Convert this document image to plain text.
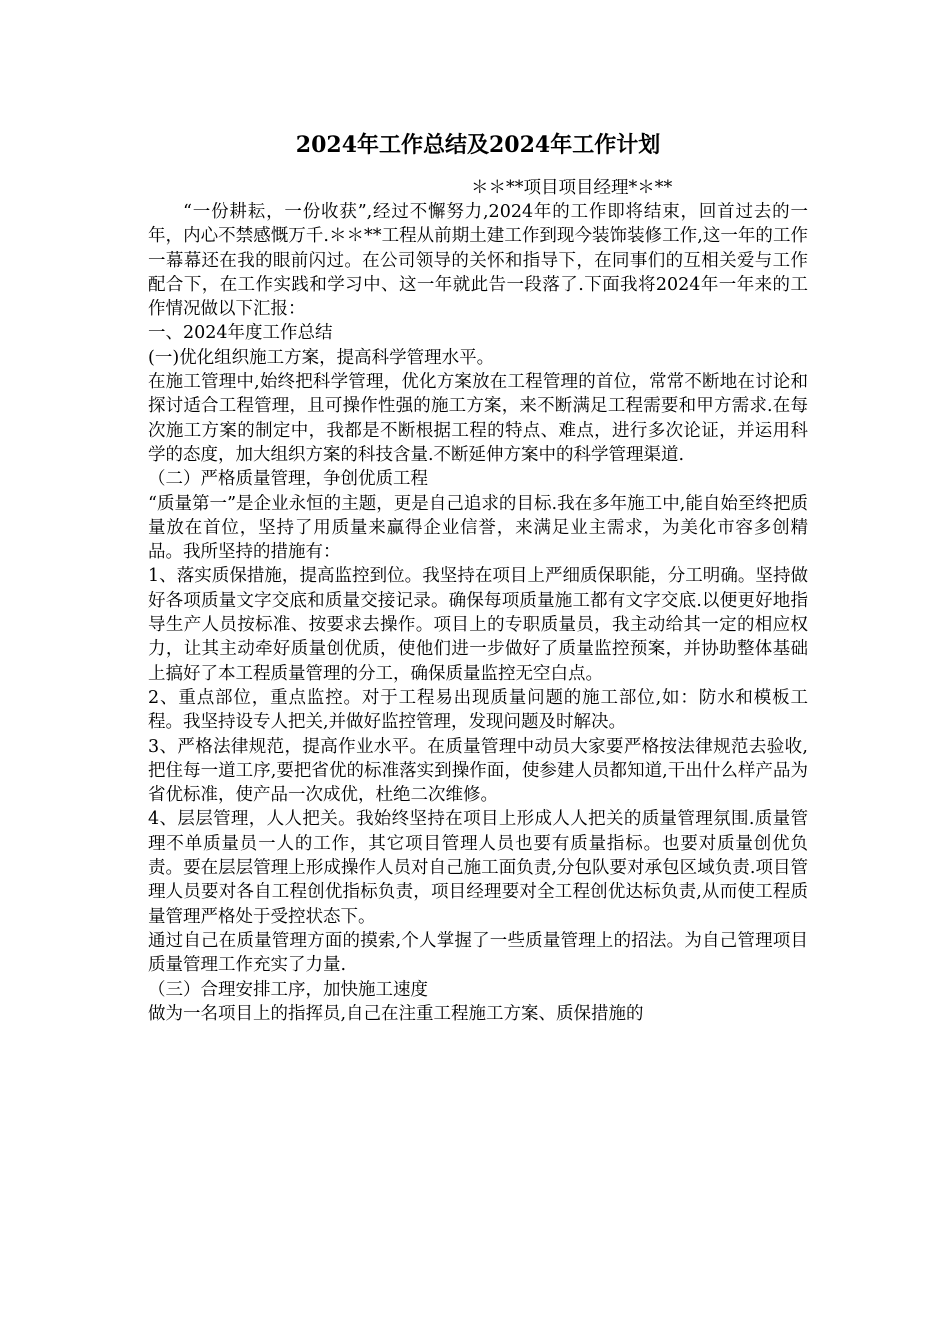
2024年工作总结及2024年工作计划
＊＊**项目项目经理*＊**

“一份耕耘，一份收获”,经过不懈努力,2024年的工作即将结束，回首过去的一年，内心不禁感慨万千.＊＊**工程从前期土建工作到现今装饰装修工作,这一年的工作一幕幕还在我的眼前闪过。在公司领导的关怀和指导下，在同事们的互相关爱与工作配合下，在工作实践和学习中、这一年就此告一段落了.下面我将2024年一年来的工作情况做以下汇报：

一、2024年度工作总结

(一)优化组织施工方案，提高科学管理水平。

在施工管理中,始终把科学管理，优化方案放在工程管理的首位，常常不断地在讨论和探讨适合工程管理，且可操作性强的施工方案，来不断满足工程需要和甲方需求.在每次施工方案的制定中，我都是不断根据工程的特点、难点，进行多次论证，并运用科学的态度，加大组织方案的科技含量.不断延伸方案中的科学管理渠道.

（二）严格质量管理，争创优质工程

“质量第一”是企业永恒的主题，更是自己追求的目标.我在多年施工中,能自始至终把质量放在首位，坚持了用质量来赢得企业信誉，来满足业主需求，为美化市容多创精品。我所坚持的措施有：

1、落实质保措施，提高监控到位。我坚持在项目上严细质保职能，分工明确。坚持做好各项质量文字交底和质量交接记录。确保每项质量施工都有文字交底.以便更好地指导生产人员按标准、按要求去操作。项目上的专职质量员，我主动给其一定的相应权力，让其主动牵好质量创优质，使他们进一步做好了质量监控预案，并协助整体基础上搞好了本工程质量管理的分工，确保质量监控无空白点。

2、重点部位，重点监控。对于工程易出现质量问题的施工部位,如：防水和模板工程。我坚持设专人把关,并做好监控管理，发现问题及时解决。

3、严格法律规范，提高作业水平。在质量管理中动员大家要严格按法律规范去验收,把住每一道工序,要把省优的标准落实到操作面，使参建人员都知道,干出什么样产品为省优标准，使产品一次成优，杜绝二次维修。

4、层层管理，人人把关。我始终坚持在项目上形成人人把关的质量管理氛围.质量管理不单质量员一人的工作，其它项目管理人员也要有质量指标。也要对质量创优负责。要在层层管理上形成操作人员对自己施工面负责,分包队要对承包区域负责.项目管理人员要对各自工程创优指标负责，项目经理要对全工程创优达标负责,从而使工程质量管理严格处于受控状态下。

通过自己在质量管理方面的摸索,个人掌握了一些质量管理上的招法。为自己管理项目质量管理工作充实了力量.

（三）合理安排工序，加快施工速度

做为一名项目上的指挥员,自己在注重工程施工方案、质保措施的
